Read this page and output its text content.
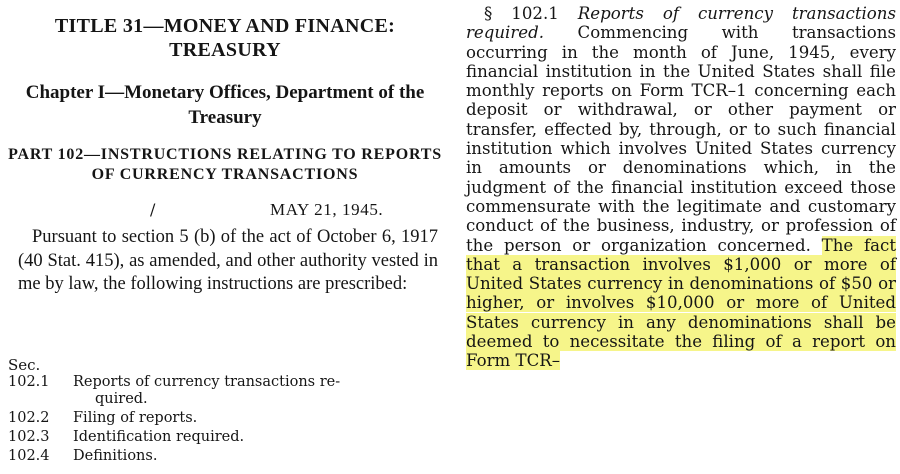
TITLE 31—MONEY AND FINANCE: TREASURY
Chapter I—Monetary Offices, Department of the Treasury
PART 102—INSTRUCTIONS RELATING TO REPORTS OF CURRENCY TRANSACTIONS
/	MAY 21, 1945.
Pursuant to section 5 (b) of the act of October 6, 1917 (40 Stat. 415), as amended, and other authority vested in me by law, the following instructions are prescribed:
Sec.
102.1	Reports of currency transactions re-
quired.
102.2	Filing of reports.
102.3	Identification required.
102.4	Definitions.

§ 102.1 Reports of currency transactions required. Commencing with transactions occurring in the month of June, 1945, every financial institution in the United States shall file monthly reports on Form TCR–1 concerning each deposit or withdrawal, or other payment or transfer, effected by, through, or to such financial institution which involves United States currency in amounts or denominations which, in the judgment of the financial institution exceed those commensurate with the legitimate and customary conduct of the business, industry, or profession of the person or organization concerned. The fact that a transaction involves $1,000 or more of United States currency in denominations of $50 or higher, or involves $10,000 or more of United States currency in any denominations shall be deemed to necessitate the filing of a report on Form TCR–
